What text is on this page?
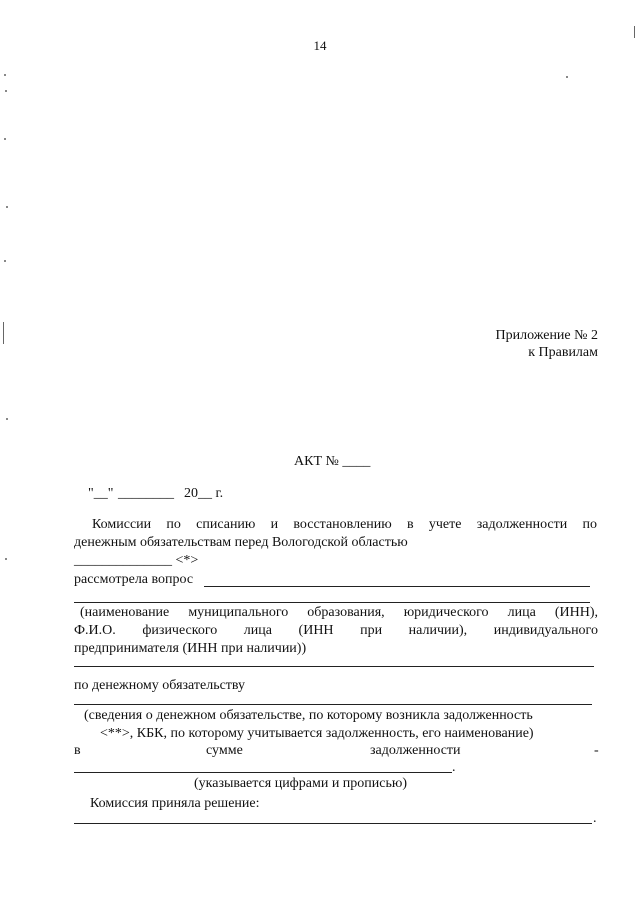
14
Приложение № 2
к Правилам
АКТ № ____
"__" ________ 20__ г.
Комиссии по списанию и восстановлению в учете задолженности по
денежным обязательствам перед Вологодской областью
______________ <*>
рассмотрела вопрос
(наименование муниципального образования, юридического лица (ИНН),
Ф.И.О. физического лица (ИНН при наличии), индивидуального
предпринимателя (ИНН при наличии))
по денежному обязательству
(сведения о денежном обязательстве, по которому возникла задолженность
<**>, КБК, по которому учитывается задолженность, его наименование)
в	сумме	задолженности	-
.
(указывается цифрами и прописью)
Комиссия приняла решение:
.
